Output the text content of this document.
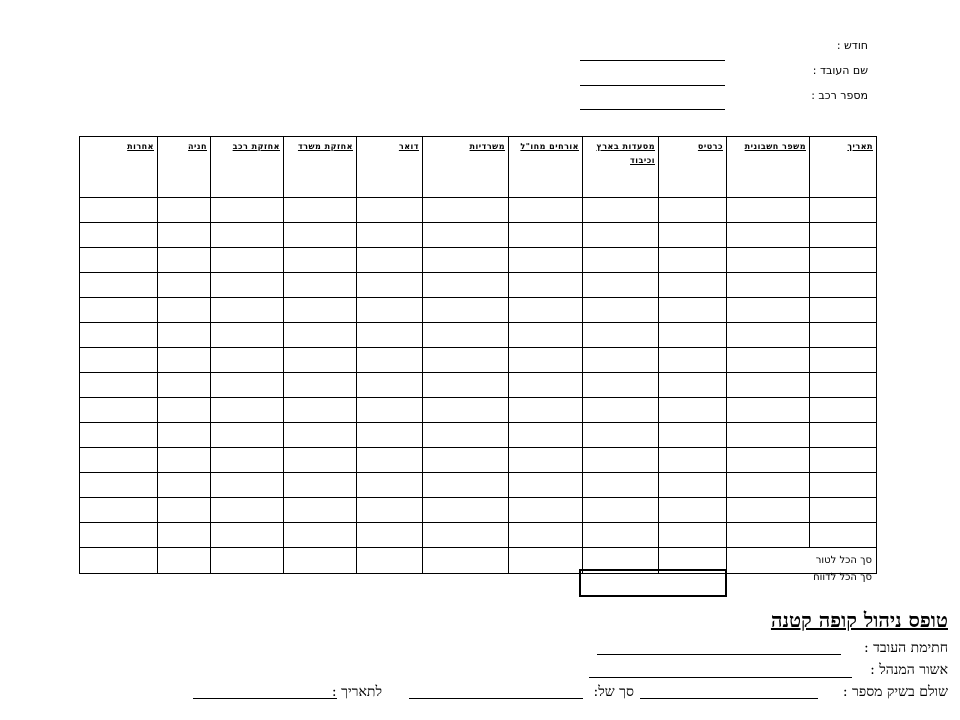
חודש :
שם העובד :
מספר רכב :
תאריך	משפר חשבונית	כרטיס	מסעדות בארץ וכיבוד	אורחים מחו"ל	משרדיות	דואר	אחזקת משרד	אחזקת רכב	חניה	אחרות

סך הכל לטור										
סך הכל לדווח
טופס ניהול קופה קטנה
חתימת העובד :
אשור המנהל :
שולם בשיק מספר :
סך של:
לתאריך :
